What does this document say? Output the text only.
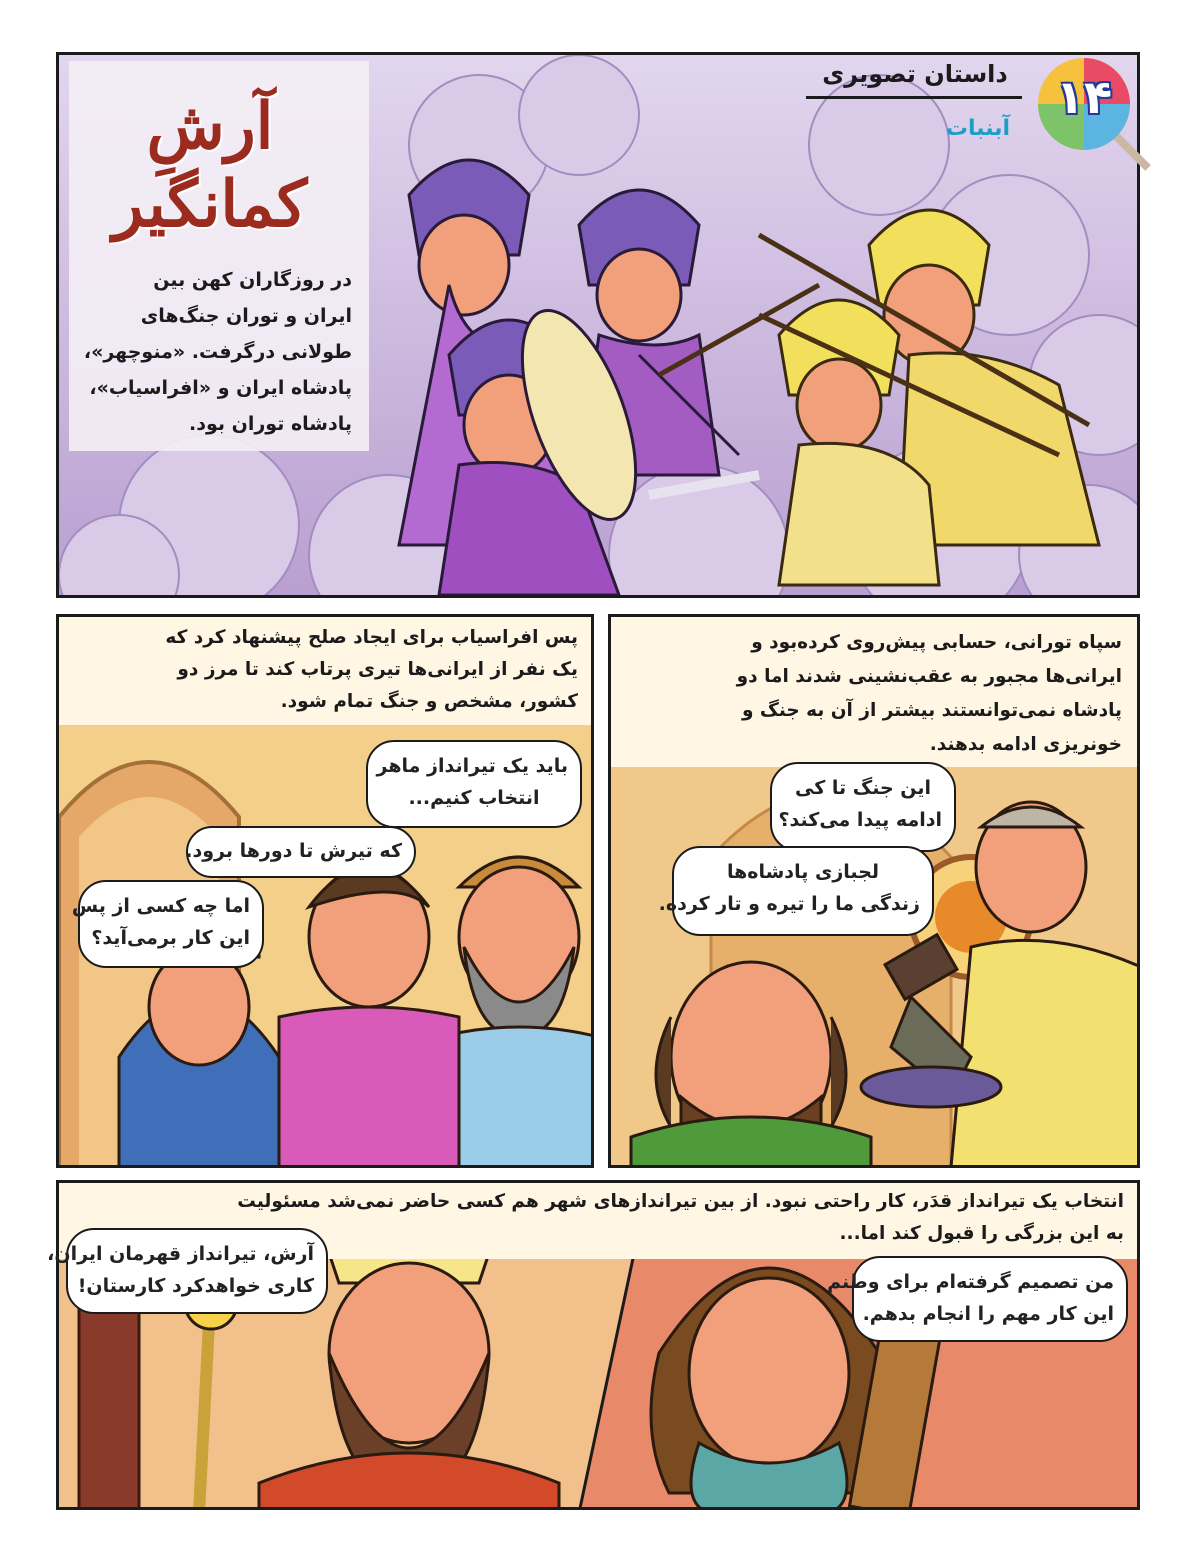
آرشِ
کمانگیر
در روزگاران کهن بین
ایران و توران جنگ‌های
طولانی درگرفت. «منوچهر»،
پادشاه ایران و «افراسیاب»،
پادشاه توران بود.
داستان تصویری
آبنبات
۱۴
سپاه تورانی، حسابی پیش‌روی کرده‌بود و
ایرانی‌ها مجبور به عقب‌نشینی شدند اما دو
پادشاه نمی‌توانستند بیشتر از آن به جنگ و
خونریزی ادامه بدهند.
این جنگ تا کی
ادامه پیدا می‌کند؟
لجبازی پادشاه‌ها
زندگی ما را تیره و تار کرده.
پس افراسیاب برای ایجاد صلح پیشنهاد کرد که
یک نفر از ایرانی‌ها تیری پرتاب کند تا مرز دو
کشور، مشخص و جنگ تمام شود.
باید یک تیرانداز ماهر
انتخاب کنیم...
که تیرش تا دورها برود.
اما چه کسی از پس
این کار برمی‌آید؟
انتخاب یک تیرانداز قدَر، کار راحتی نبود. از بین تیراندازهای شهر هم کسی حاضر نمی‌شد مسئولیت
به این بزرگی را قبول کند اما...
آرش، تیرانداز قهرمان ایران،
کاری خواهدکرد کارستان!	من تصمیم گرفته‌ام برای وطنم
این کار مهم را انجام بدهم.
